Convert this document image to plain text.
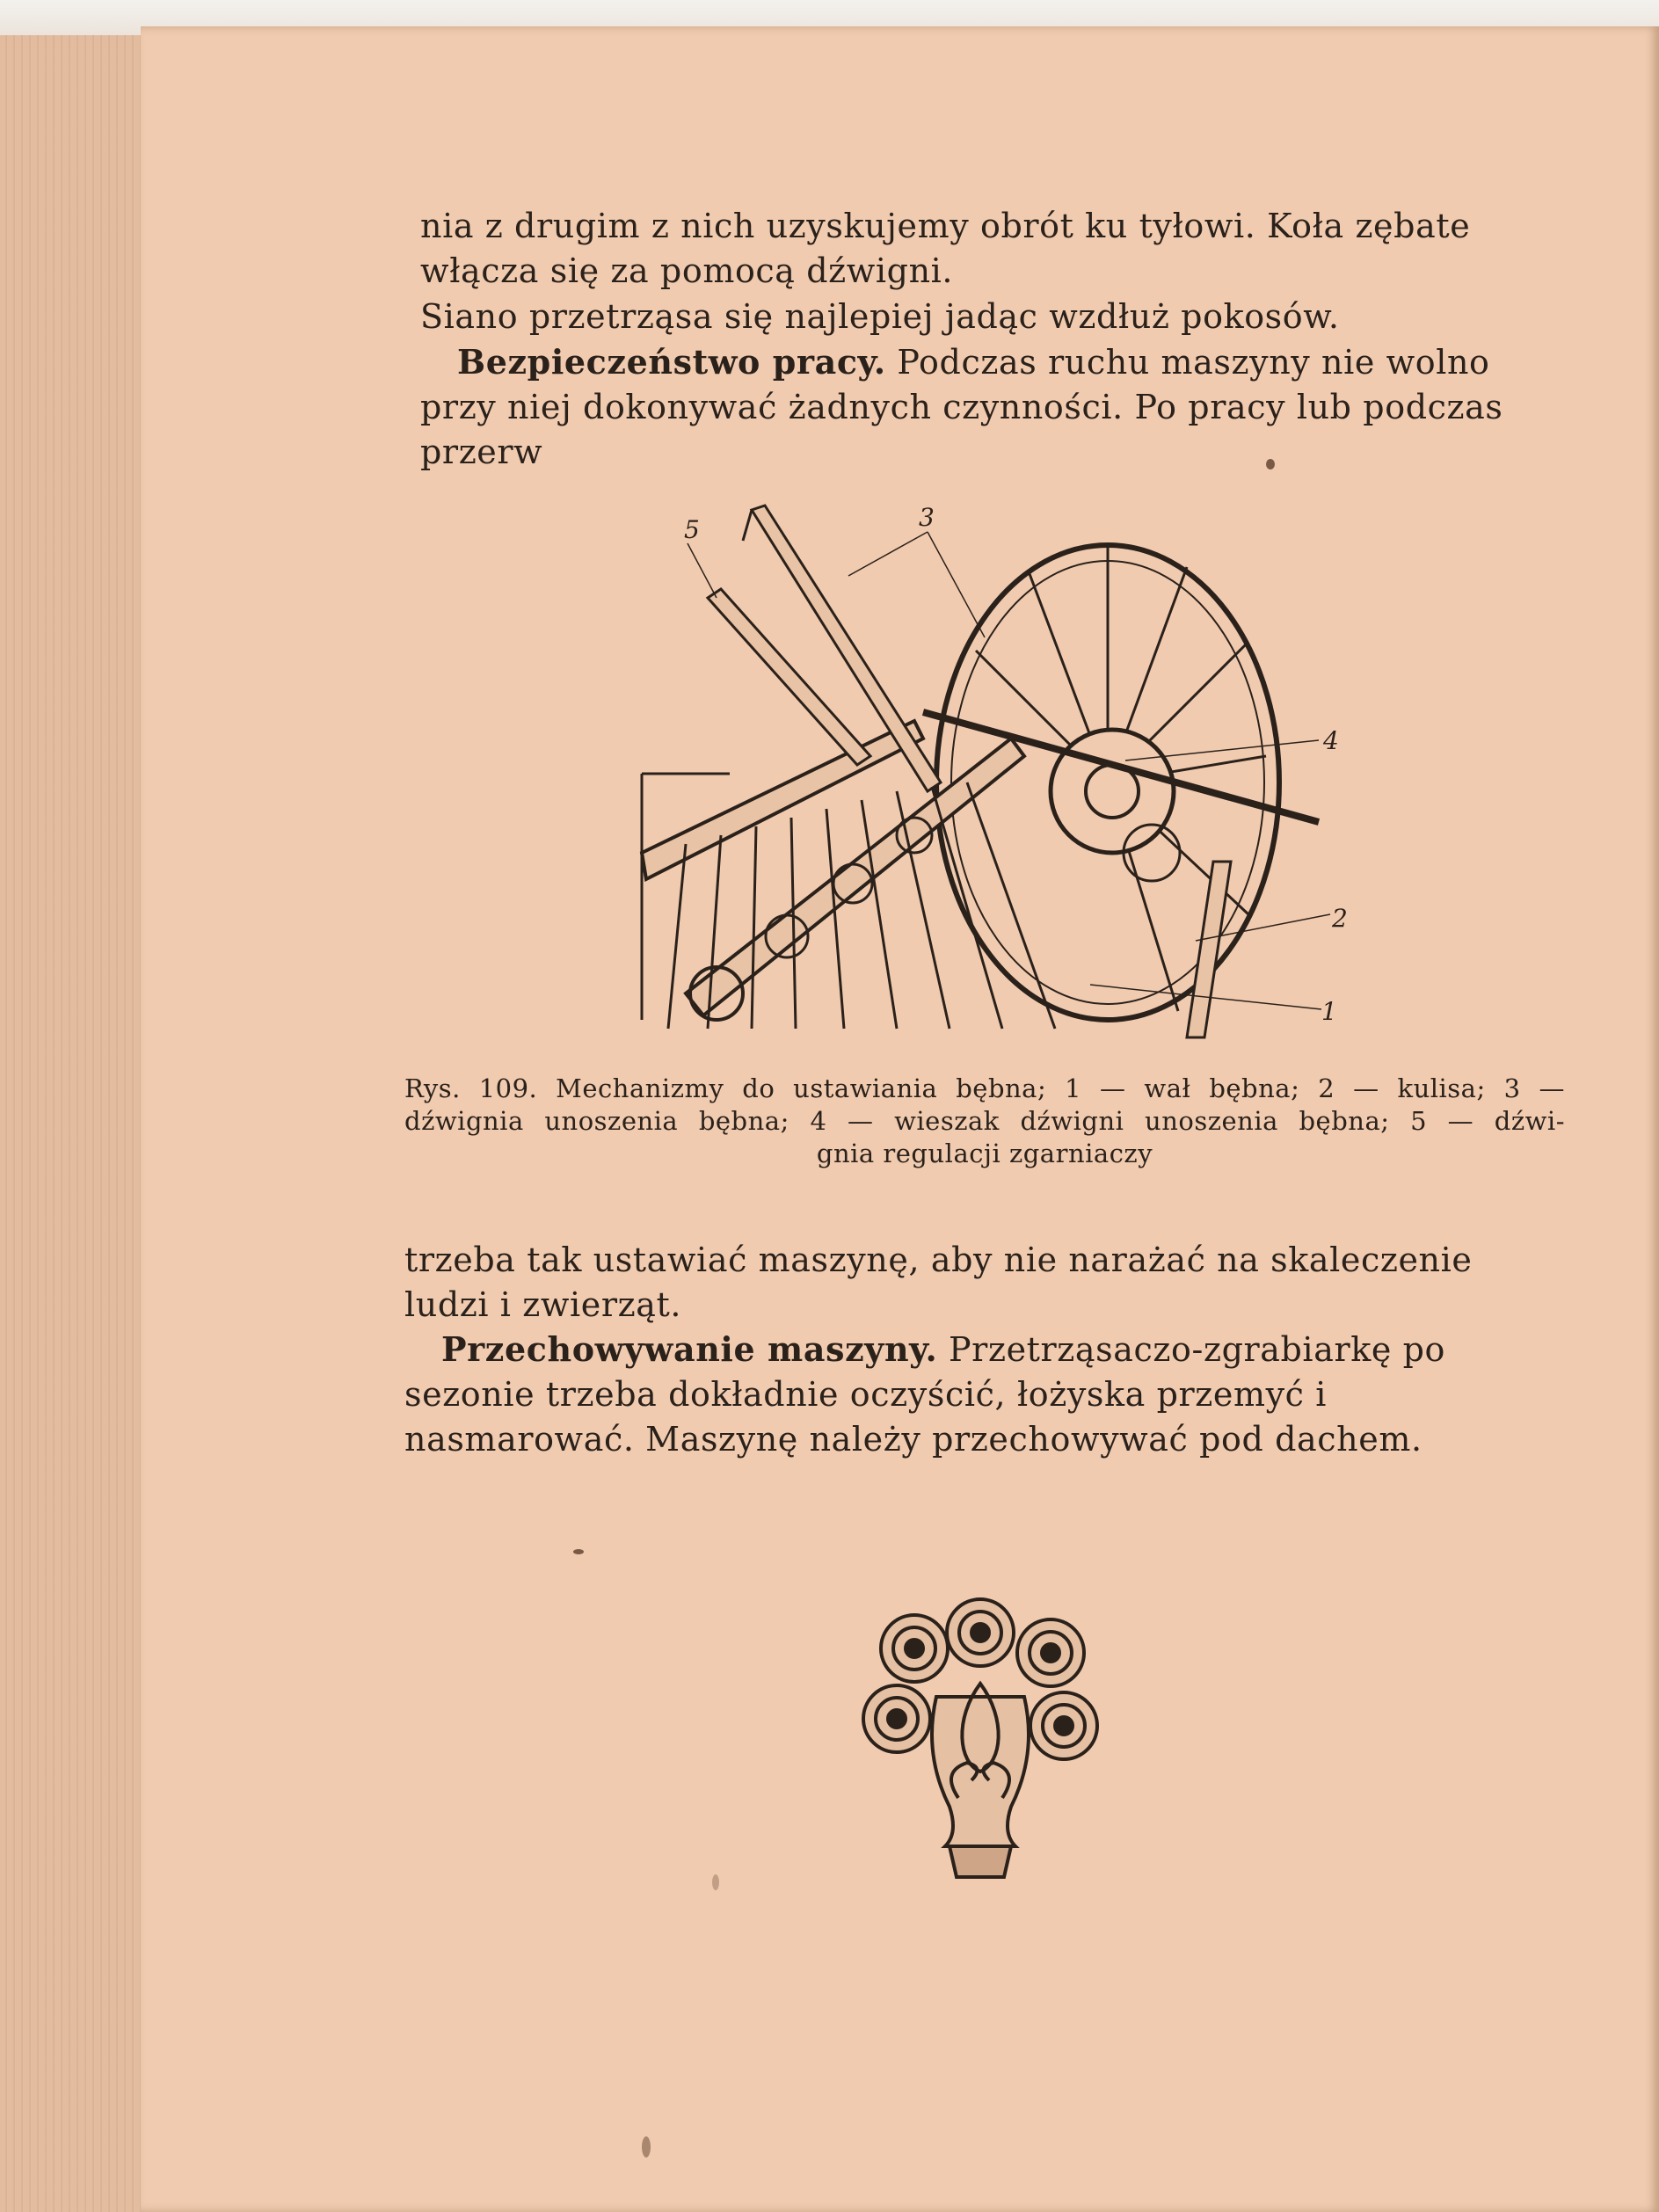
nia z drugim z nich uzyskujemy obrót ku tyłowi. Koła zębate włącza się za pomocą dźwigni.

Siano przetrząsa się najlepiej jadąc wzdłuż pokosów.

Bezpieczeństwo pracy. Podczas ruchu maszyny nie wolno przy niej dokonywać żadnych czynności. Po pracy lub podczas przerw

5	3
4
2
1

Rys. 109. Mechanizmy do ustawiania bębna; 1 — wał bębna; 2 — kulisa; 3 —
dźwignia unoszenia bębna; 4 — wieszak dźwigni unoszenia bębna; 5 — dźwi-
gnia regulacji zgarniaczy

trzeba tak ustawiać maszynę, aby nie narażać na skaleczenie ludzi i zwierząt.

Przechowywanie maszyny. Przetrząsaczo-zgrabiarkę po sezonie trzeba dokładnie oczyścić, łożyska przemyć i nasmarować. Maszynę należy przechowywać pod dachem.
